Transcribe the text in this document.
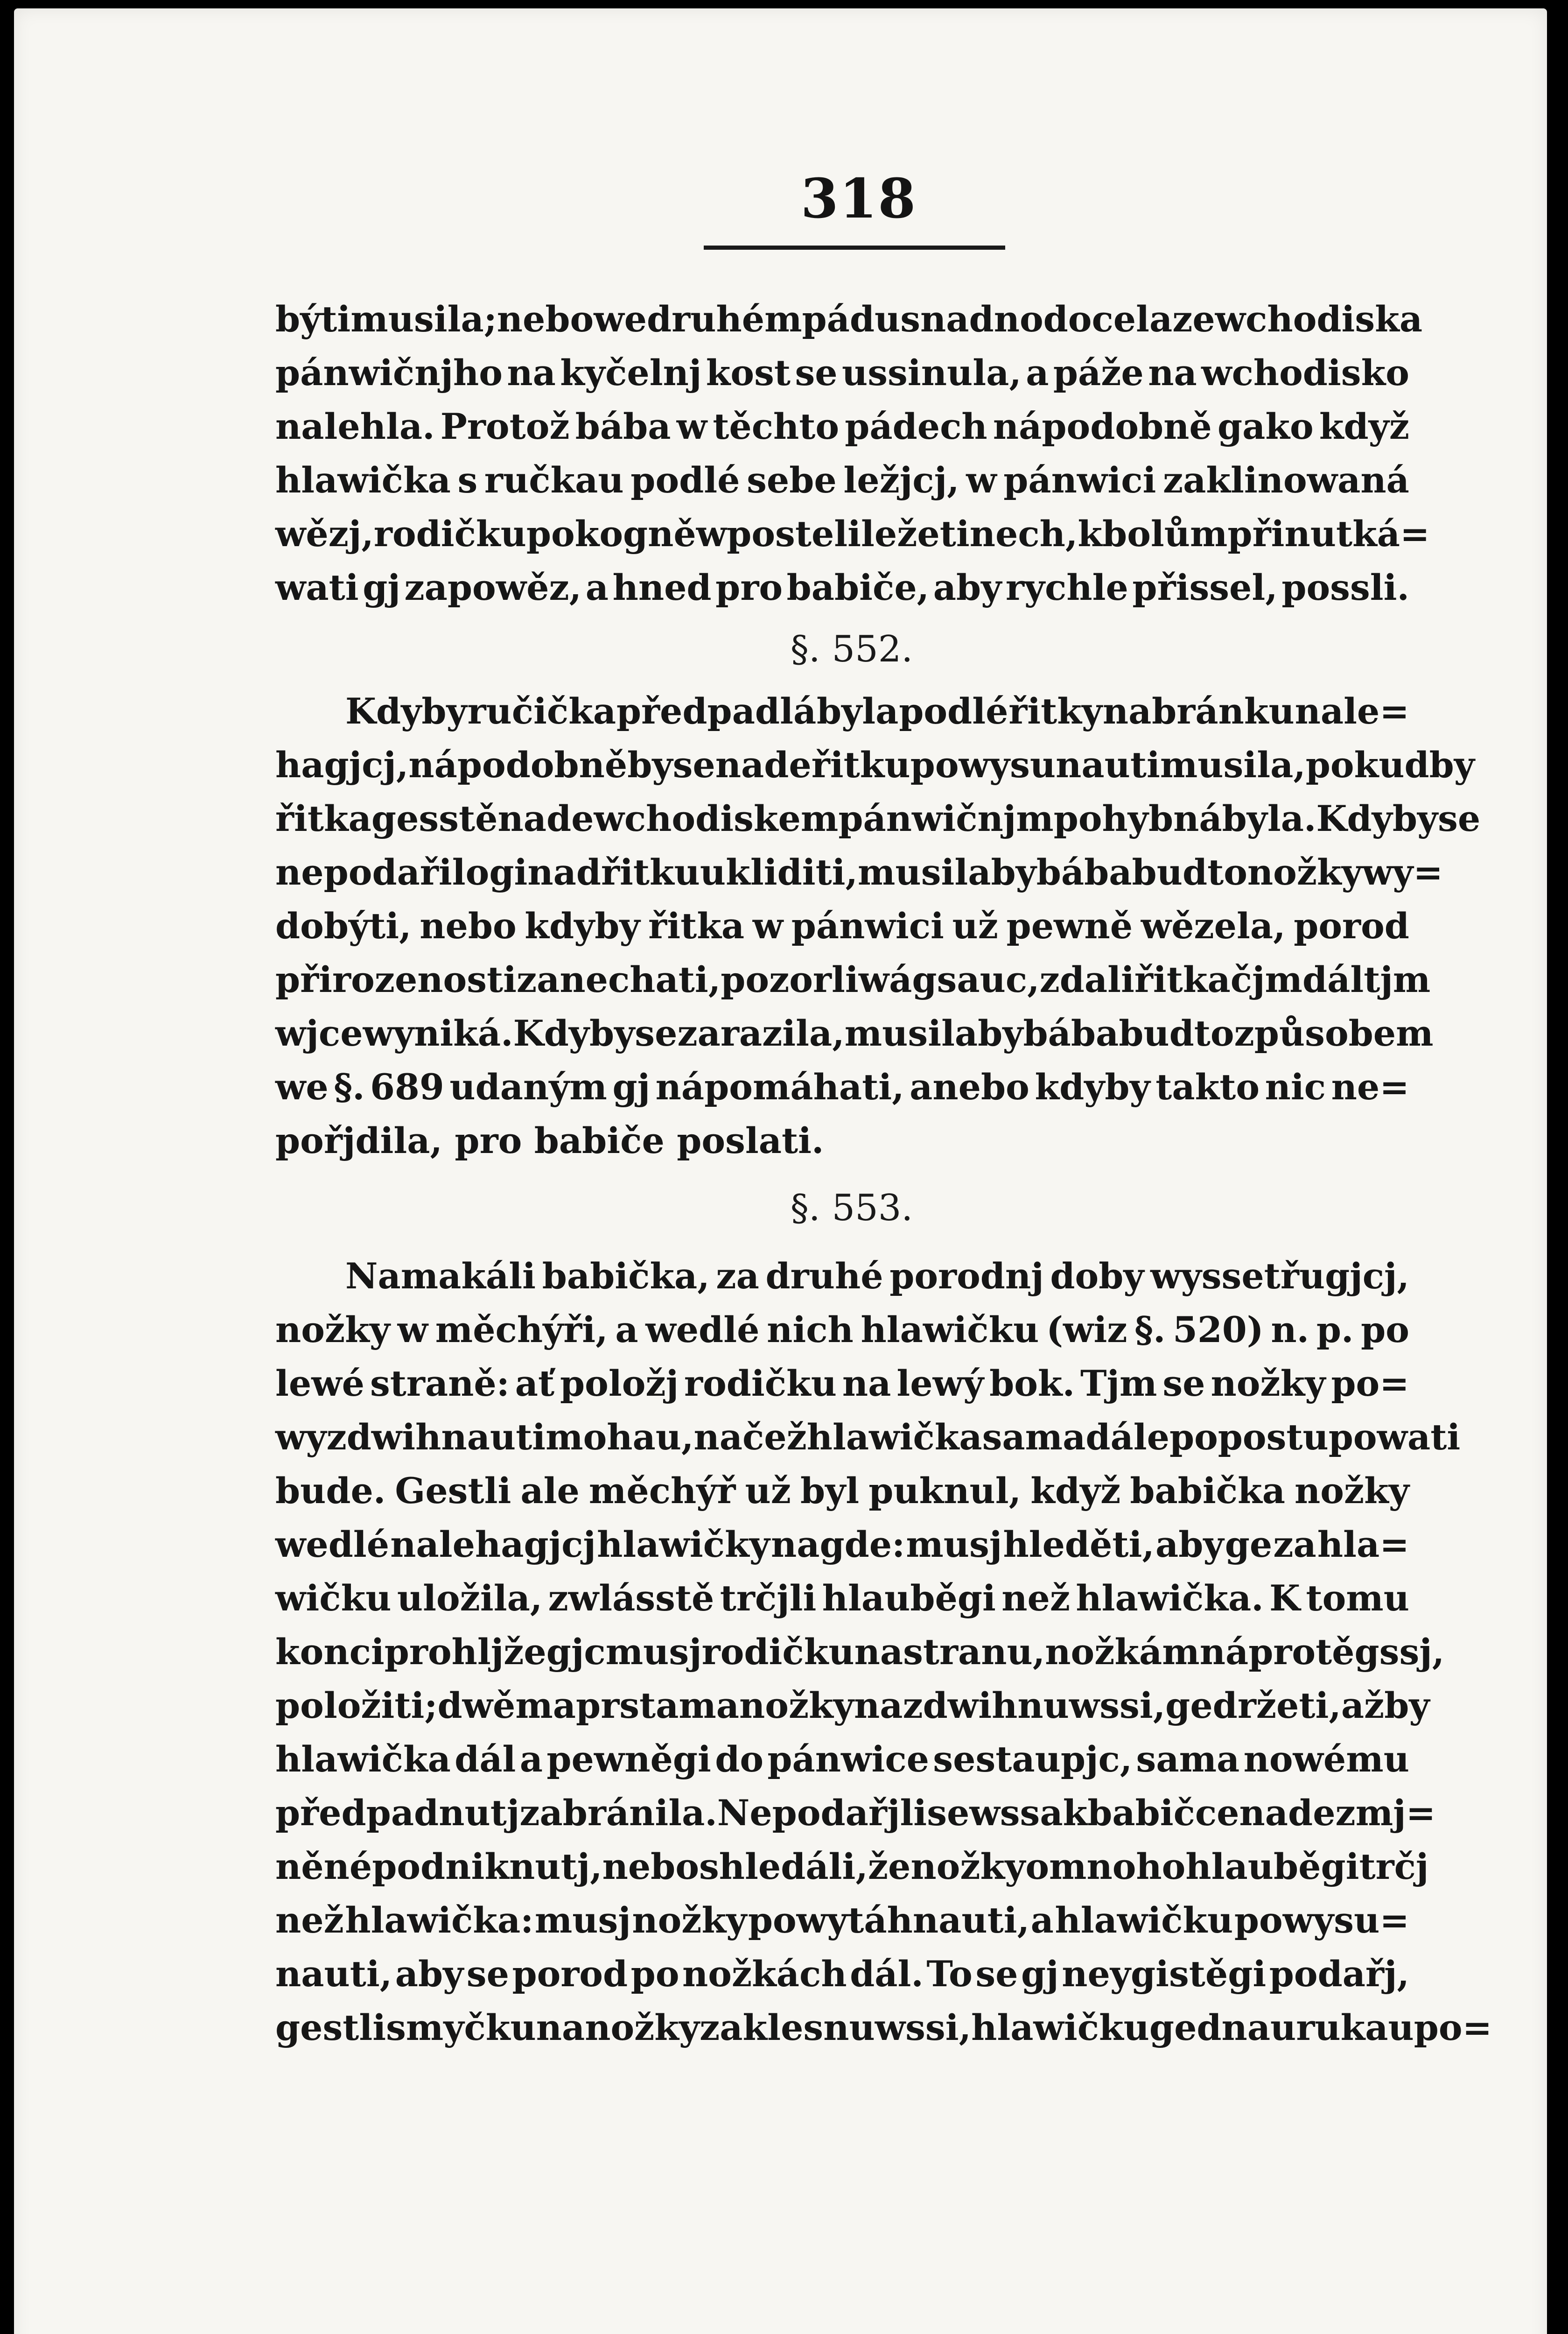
318
býti musila; nebo we druhém pádu snadno docela ze wchodiska
pánwičnjho na kyčelnj kost se ussinula, a páže na wchodisko
nalehla. Protož bába w těchto pádech nápodobně gako když
hlawička s ručkau podlé sebe ležjcj, w pánwici zaklinowaná
wězj, rodičku pokogně w posteli ležeti nech, k bolům přinutká=
wati gj zapowěz, a hned pro babiče, aby rychle přissel, possli.
§. 552.
Kdyby ručička předpadlá byla podlé řitky na bránku nale=
hagjcj, nápodobněby se nade řitku powysunauti musila, pokudby
řitka gesstě nade wchodiskem pánwičnjm pohybná byla. Kdyby se
nepodařilo gi nad řitku ukliditi, musilaby bába budto nožky wy=
dobýti, nebo kdyby řitka w pánwici už pewně wězela, porod
přirozenosti zanechati, pozorliwá gsauc, zdali řitka čjm dál tjm
wjce wyniká. Kdyby se zarazila, musilaby bába budto způsobem
we §. 689 udaným gj nápomáhati, anebo kdyby takto nic ne=
pořjdila, pro babiče poslati.
§. 553.
Namakáli babička, za druhé porodnj doby wyssetřugjcj,
nožky w měchýři, a wedlé nich hlawičku (wiz §. 520) n. p. po
lewé straně: ať položj rodičku na lewý bok. Tjm se nožky po=
wyzdwihnauti mohau, načež hlawička sama dále popostupowati
bude. Gestli ale měchýř už byl puknul, když babička nožky
wedlé nalehagjcj hlawičky nagde: musj hleděti, aby ge za hla=
wičku uložila, zwlásstě trčjli hlauběgi než hlawička. K tomu
konci prohljžegjc musj rodičku na stranu, nožkám náprotěgssj,
položiti; dwěma prstama nožky nazdwihnuwssi, ge držeti, ažby
hlawička dál a pewněgi do pánwice sestaupjc, sama nowému
předpadnutj zabránila. Nepodařjli se wssak babičce nadezmj=
něné podniknutj, nebo shledáli, že nožky o mnoho hlauběgi trčj
než hlawička: musj nožky powytáhnauti, a hlawičku powysu=
nauti, aby se porod po nožkách dál. To se gj neygistěgi podařj,
gestli smyčku na nožky zaklesnuwssi, hlawičku gednau rukau po=
